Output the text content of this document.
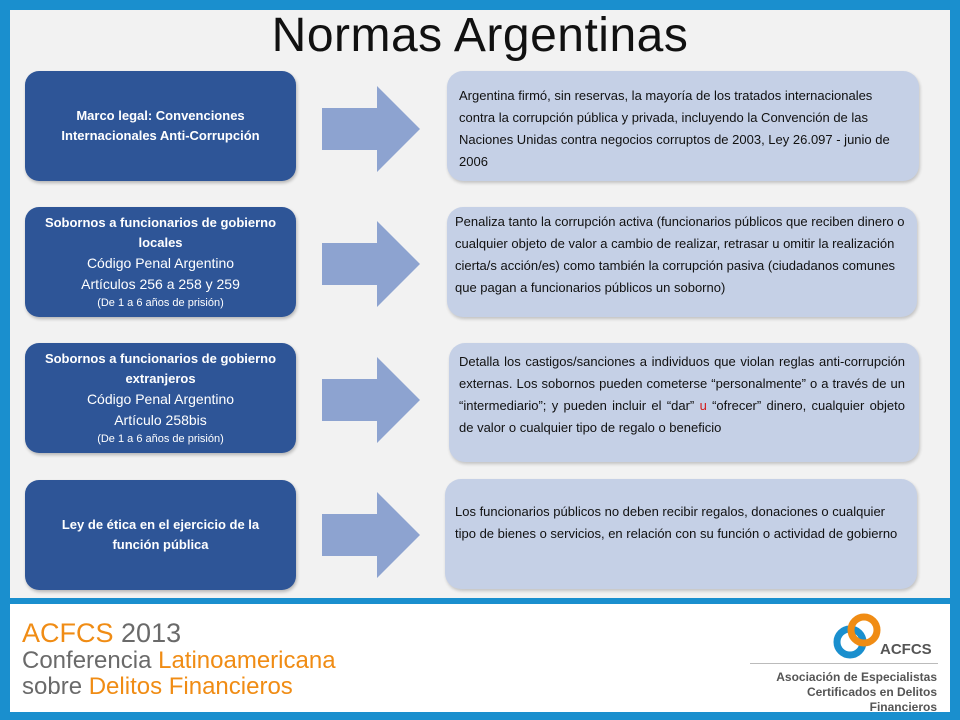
Normas Argentinas
Marco legal: Convenciones Internacionales Anti-Corrupción
Argentina firmó, sin reservas, la mayoría de los tratados internacionales contra la corrupción pública y privada, incluyendo la Convención de las Naciones Unidas contra negocios corruptos de 2003, Ley 26.097 - junio de 2006
Sobornos a funcionarios de gobierno locales
Código Penal Argentino
Artículos 256 a 258 y 259
(De 1 a 6 años de prisión)
Penaliza tanto la corrupción activa (funcionarios públicos que reciben dinero o cualquier objeto de valor a cambio de realizar, retrasar u omitir la realización cierta/s acción/es) como también la corrupción pasiva (ciudadanos comunes que pagan a funcionarios públicos un soborno)
Sobornos a funcionarios de gobierno extranjeros
Código Penal Argentino
Artículo 258bis
(De 1 a 6 años de prisión)
Detalla los castigos/sanciones a individuos que violan reglas anti-corrupción externas. Los sobornos pueden cometerse “personalmente” o a través de un “intermediario”; y pueden incluir el “dar” u “ofrecer” dinero, cualquier objeto de valor o cualquier tipo de regalo o beneficio
Ley de ética en el ejercicio de la función pública
Los funcionarios públicos no deben recibir regalos, donaciones o cualquier tipo de bienes o servicios, en relación con su función o actividad de gobierno
ACFCS 2013
Conferencia Latinoamericana
sobre Delitos Financieros
ACFCS
Asociación de Especialistas
Certificados en Delitos Financieros
